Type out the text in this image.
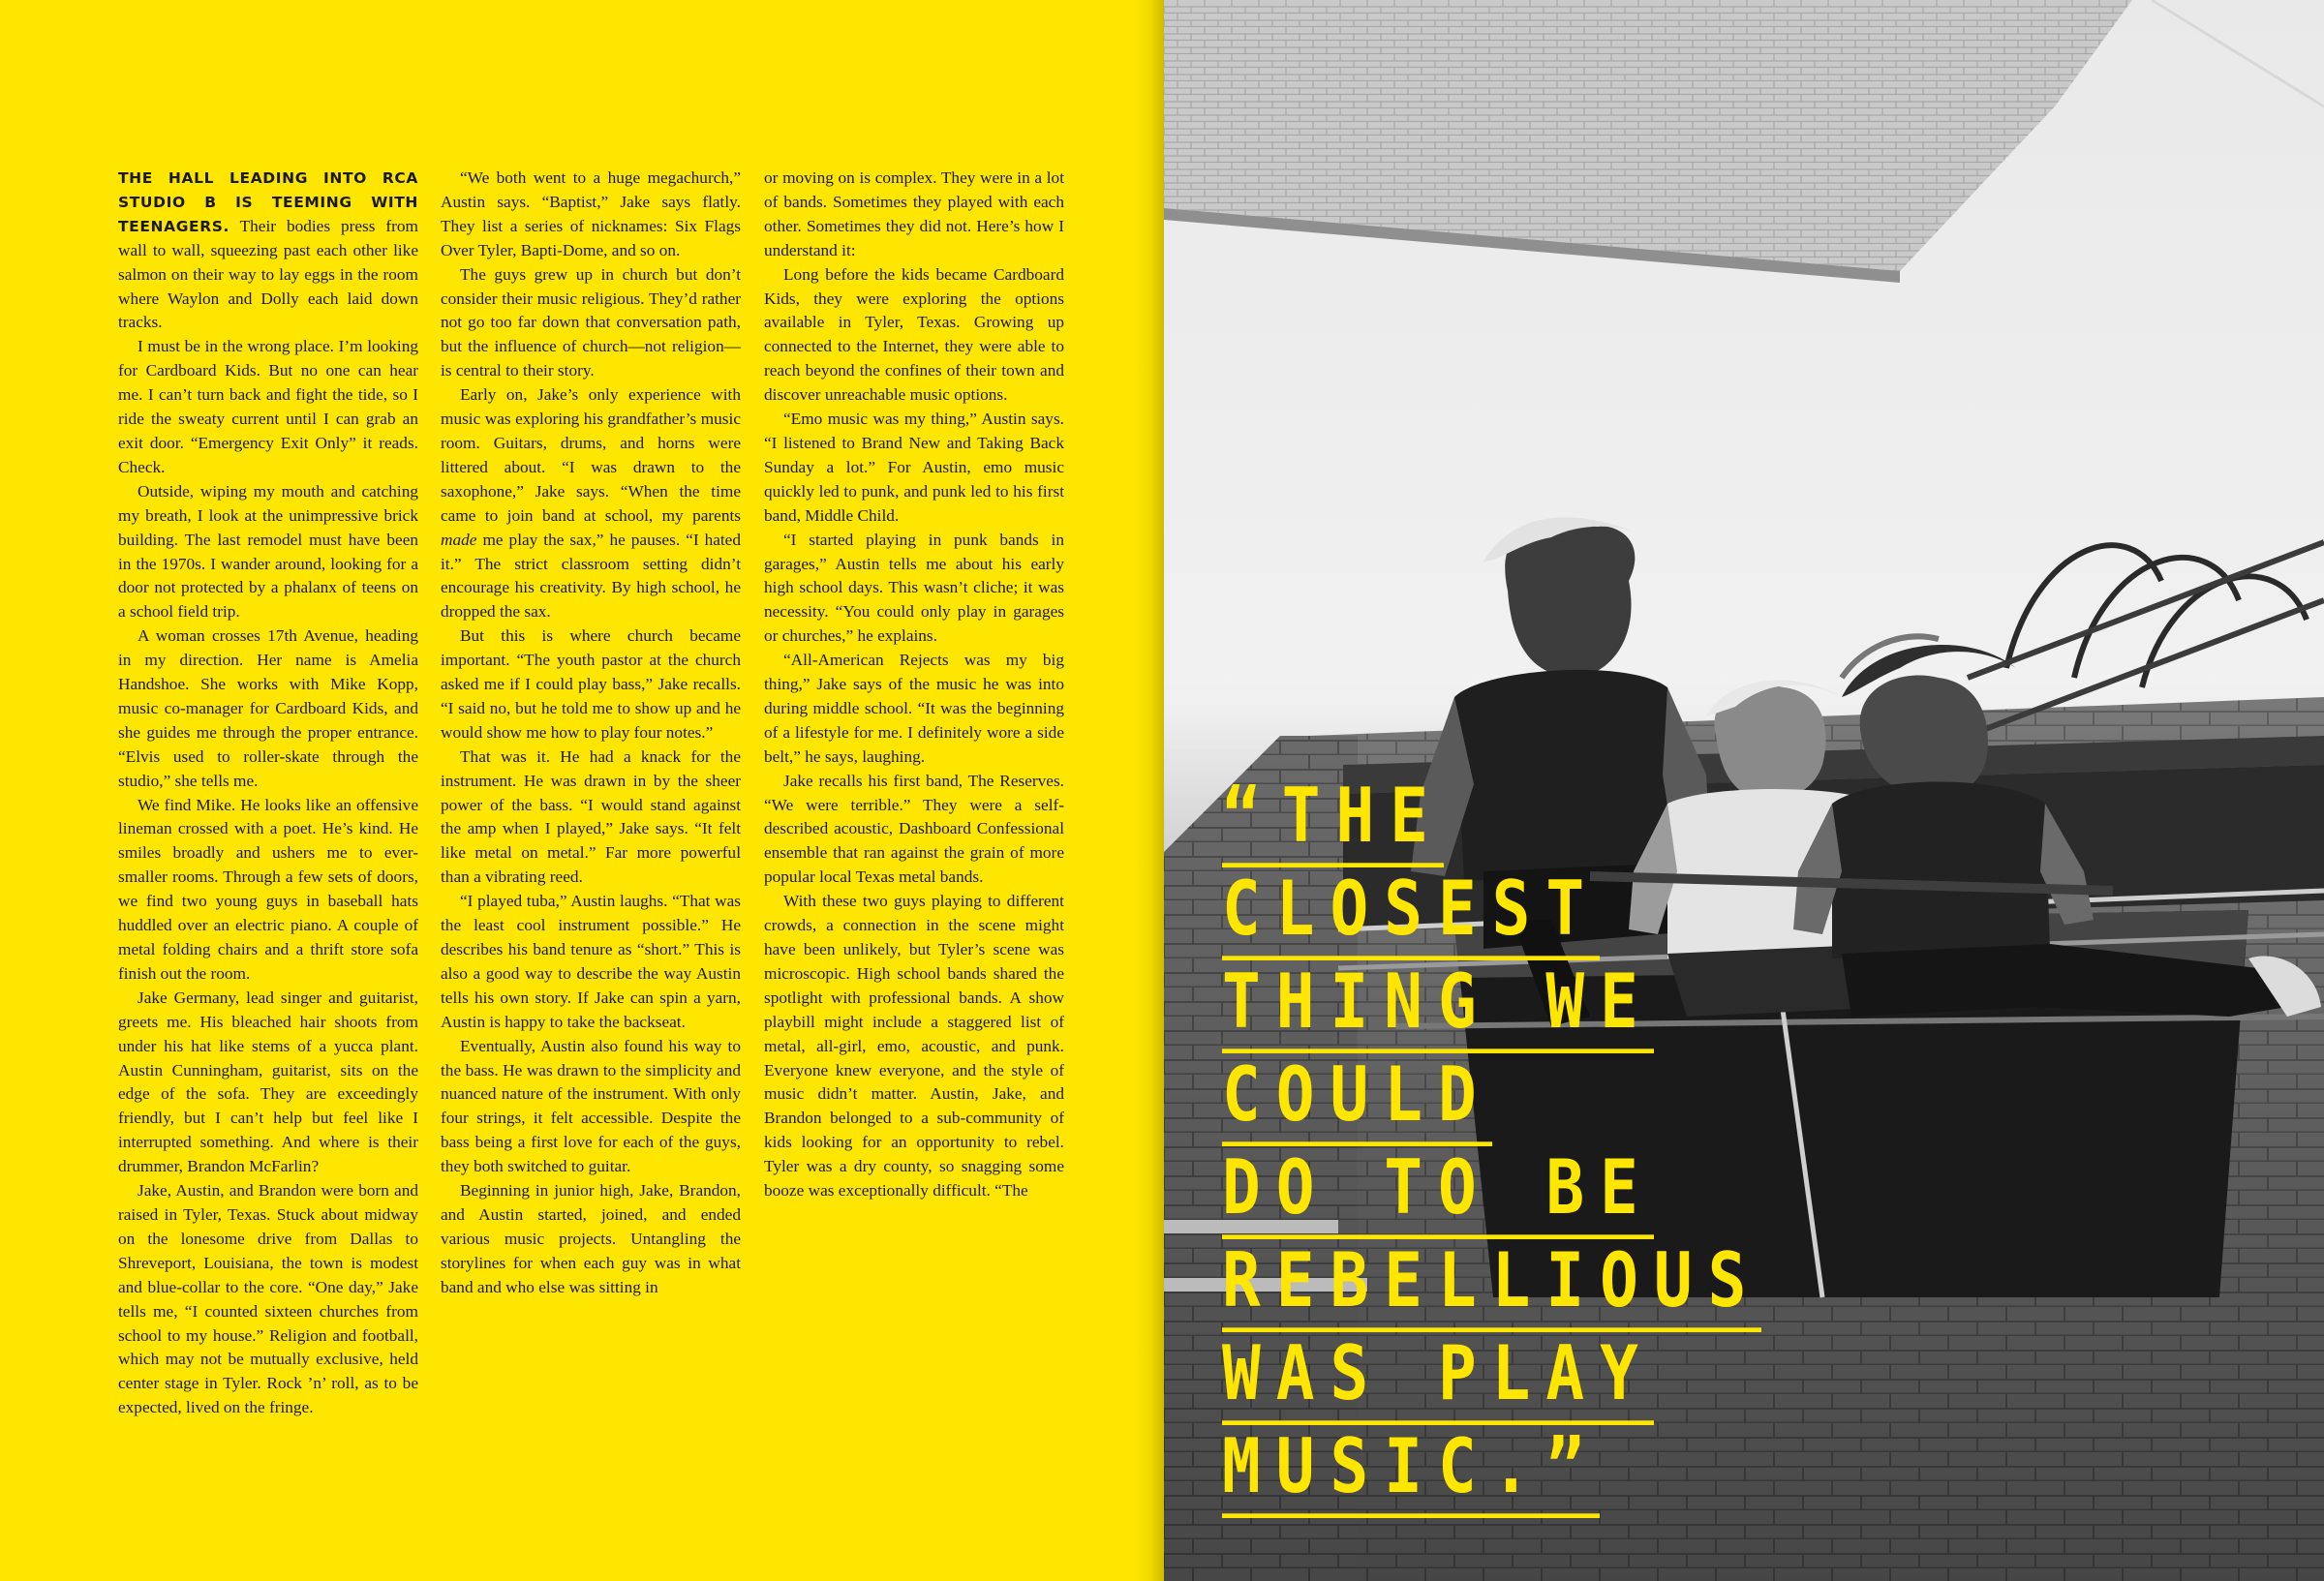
THE HALL LEADING INTO RCA STUDIO B IS TEEMING WITH TEENAGERS. Their bodies press from wall to wall, squeezing past each other like salmon on their way to lay eggs in the room where Waylon and Dolly each laid down tracks.

I must be in the wrong place. I’m looking for Cardboard Kids. But no one can hear me. I can’t turn back and fight the tide, so I ride the sweaty current until I can grab an exit door. “Emergency Exit Only” it reads. Check.

Outside, wiping my mouth and catching my breath, I look at the unimpressive brick building. The last remodel must have been in the 1970s. I wander around, looking for a door not protected by a phalanx of teens on a school field trip.

A woman crosses 17th Avenue, heading in my direction. Her name is Amelia Handshoe. She works with Mike Kopp, music co-manager for Cardboard Kids, and she guides me through the proper entrance. “Elvis used to roller-skate through the studio,” she tells me.

We find Mike. He looks like an offensive lineman crossed with a poet. He’s kind. He smiles broadly and ushers me to ever-smaller rooms. Through a few sets of doors, we find two young guys in baseball hats huddled over an electric piano. A couple of metal folding chairs and a thrift store sofa finish out the room.

Jake Germany, lead singer and guitarist, greets me. His bleached hair shoots from under his hat like stems of a yucca plant. Austin Cunningham, guitarist, sits on the edge of the sofa. They are exceedingly friendly, but I can’t help but feel like I interrupted something. And where is their drummer, Brandon McFarlin?

Jake, Austin, and Brandon were born and raised in Tyler, Texas. Stuck about midway on the lonesome drive from Dallas to Shreveport, Louisiana, the town is modest and blue-collar to the core. “One day,” Jake tells me, “I counted sixteen churches from school to my house.” Religion and football, which may not be mutually exclusive, held center stage in Tyler. Rock ’n’ roll, as to be expected, lived on the fringe.

“We both went to a huge megachurch,” Austin says. “Baptist,” Jake says flatly. They list a series of nicknames: Six Flags Over Tyler, Bapti-Dome, and so on.

The guys grew up in church but don’t consider their music religious. They’d rather not go too far down that conversation path, but the influence of church—not religion—is central to their story.

Early on, Jake’s only experience with music was exploring his grandfather’s music room. Guitars, drums, and horns were littered about. “I was drawn to the saxophone,” Jake says. “When the time came to join band at school, my parents made me play the sax,” he pauses. “I hated it.” The strict classroom setting didn’t encourage his creativity. By high school, he dropped the sax.

But this is where church became important. “The youth pastor at the church asked me if I could play bass,” Jake recalls. “I said no, but he told me to show up and he would show me how to play four notes.”

That was it. He had a knack for the instrument. He was drawn in by the sheer power of the bass. “I would stand against the amp when I played,” Jake says. “It felt like metal on metal.” Far more powerful than a vibrating reed.

“I played tuba,” Austin laughs. “That was the least cool instrument possible.” He describes his band tenure as “short.” This is also a good way to describe the way Austin tells his own story. If Jake can spin a yarn, Austin is happy to take the backseat.

Eventually, Austin also found his way to the bass. He was drawn to the simplicity and nuanced nature of the instrument. With only four strings, it felt accessible. Despite the bass being a first love for each of the guys, they both switched to guitar.

Beginning in junior high, Jake, Brandon, and Austin started, joined, and ended various music projects. Untangling the storylines for when each guy was in what band and who else was sitting in

or moving on is complex. They were in a lot of bands. Sometimes they played with each other. Sometimes they did not. Here’s how I understand it:

Long before the kids became Cardboard Kids, they were exploring the options available in Tyler, Texas. Growing up connected to the Internet, they were able to reach beyond the confines of their town and discover unreachable music options.

“Emo music was my thing,” Austin says. “I listened to Brand New and Taking Back Sunday a lot.” For Austin, emo music quickly led to punk, and punk led to his first band, Middle Child.

“I started playing in punk bands in garages,” Austin tells me about his early high school days. This wasn’t cliche; it was necessity. “You could only play in garages or churches,” he explains.

“All-American Rejects was my big thing,” Jake says of the music he was into during middle school. “It was the beginning of a lifestyle for me. I definitely wore a side belt,” he says, laughing.

Jake recalls his first band, The Reserves. “We were terrible.” They were a self-described acoustic, Dashboard Confessional ensemble that ran against the grain of more popular local Texas metal bands.

With these two guys playing to different crowds, a connection in the scene might have been unlikely, but Tyler’s scene was microscopic. High school bands shared the spotlight with professional bands. A show playbill might include a staggered list of metal, all-girl, emo, acoustic, and punk. Everyone knew everyone, and the style of music didn’t matter. Austin, Jake, and Brandon belonged to a sub-community of kids looking for an opportunity to rebel. Tyler was a dry county, so snagging some booze was exceptionally difficult. “The

“THE
CLOSEST
THING WE
COULD
DO TO BE
REBELLIOUS
WAS PLAY
MUSIC.”
